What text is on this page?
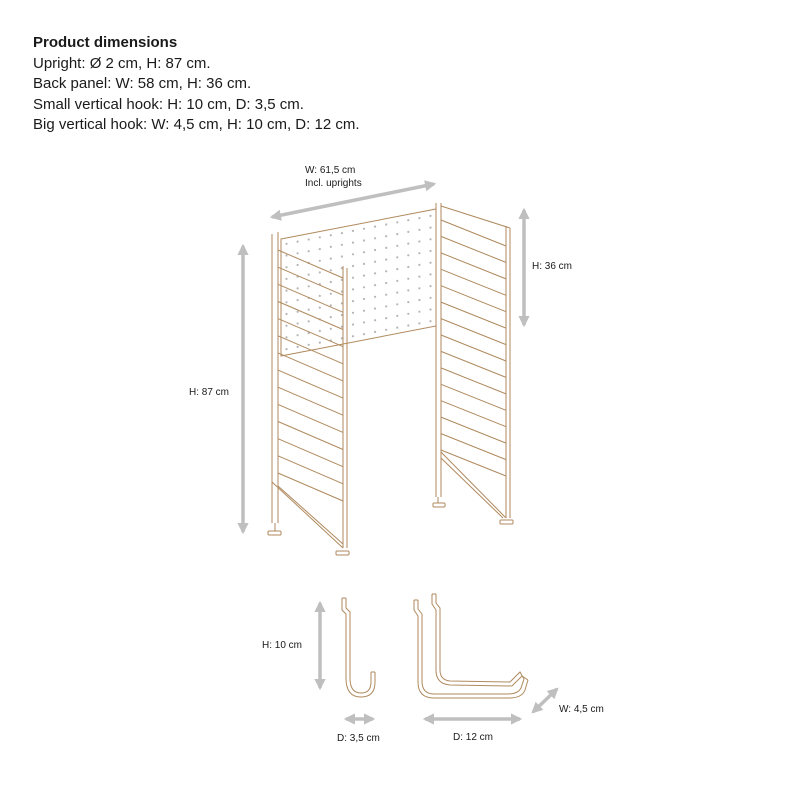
Product dimensions
Upright: Ø 2 cm, H: 87 cm.
Back panel: W: 58 cm, H: 36 cm.
Small vertical hook: H: 10 cm, D: 3,5 cm.
Big vertical hook: W: 4,5 cm, H: 10 cm, D: 12 cm.
W: 61,5 cm
Incl. uprights
H: 36 cm
H: 87 cm
H: 10 cm
D: 3,5 cm	D: 12 cm
W: 4,5 cm
